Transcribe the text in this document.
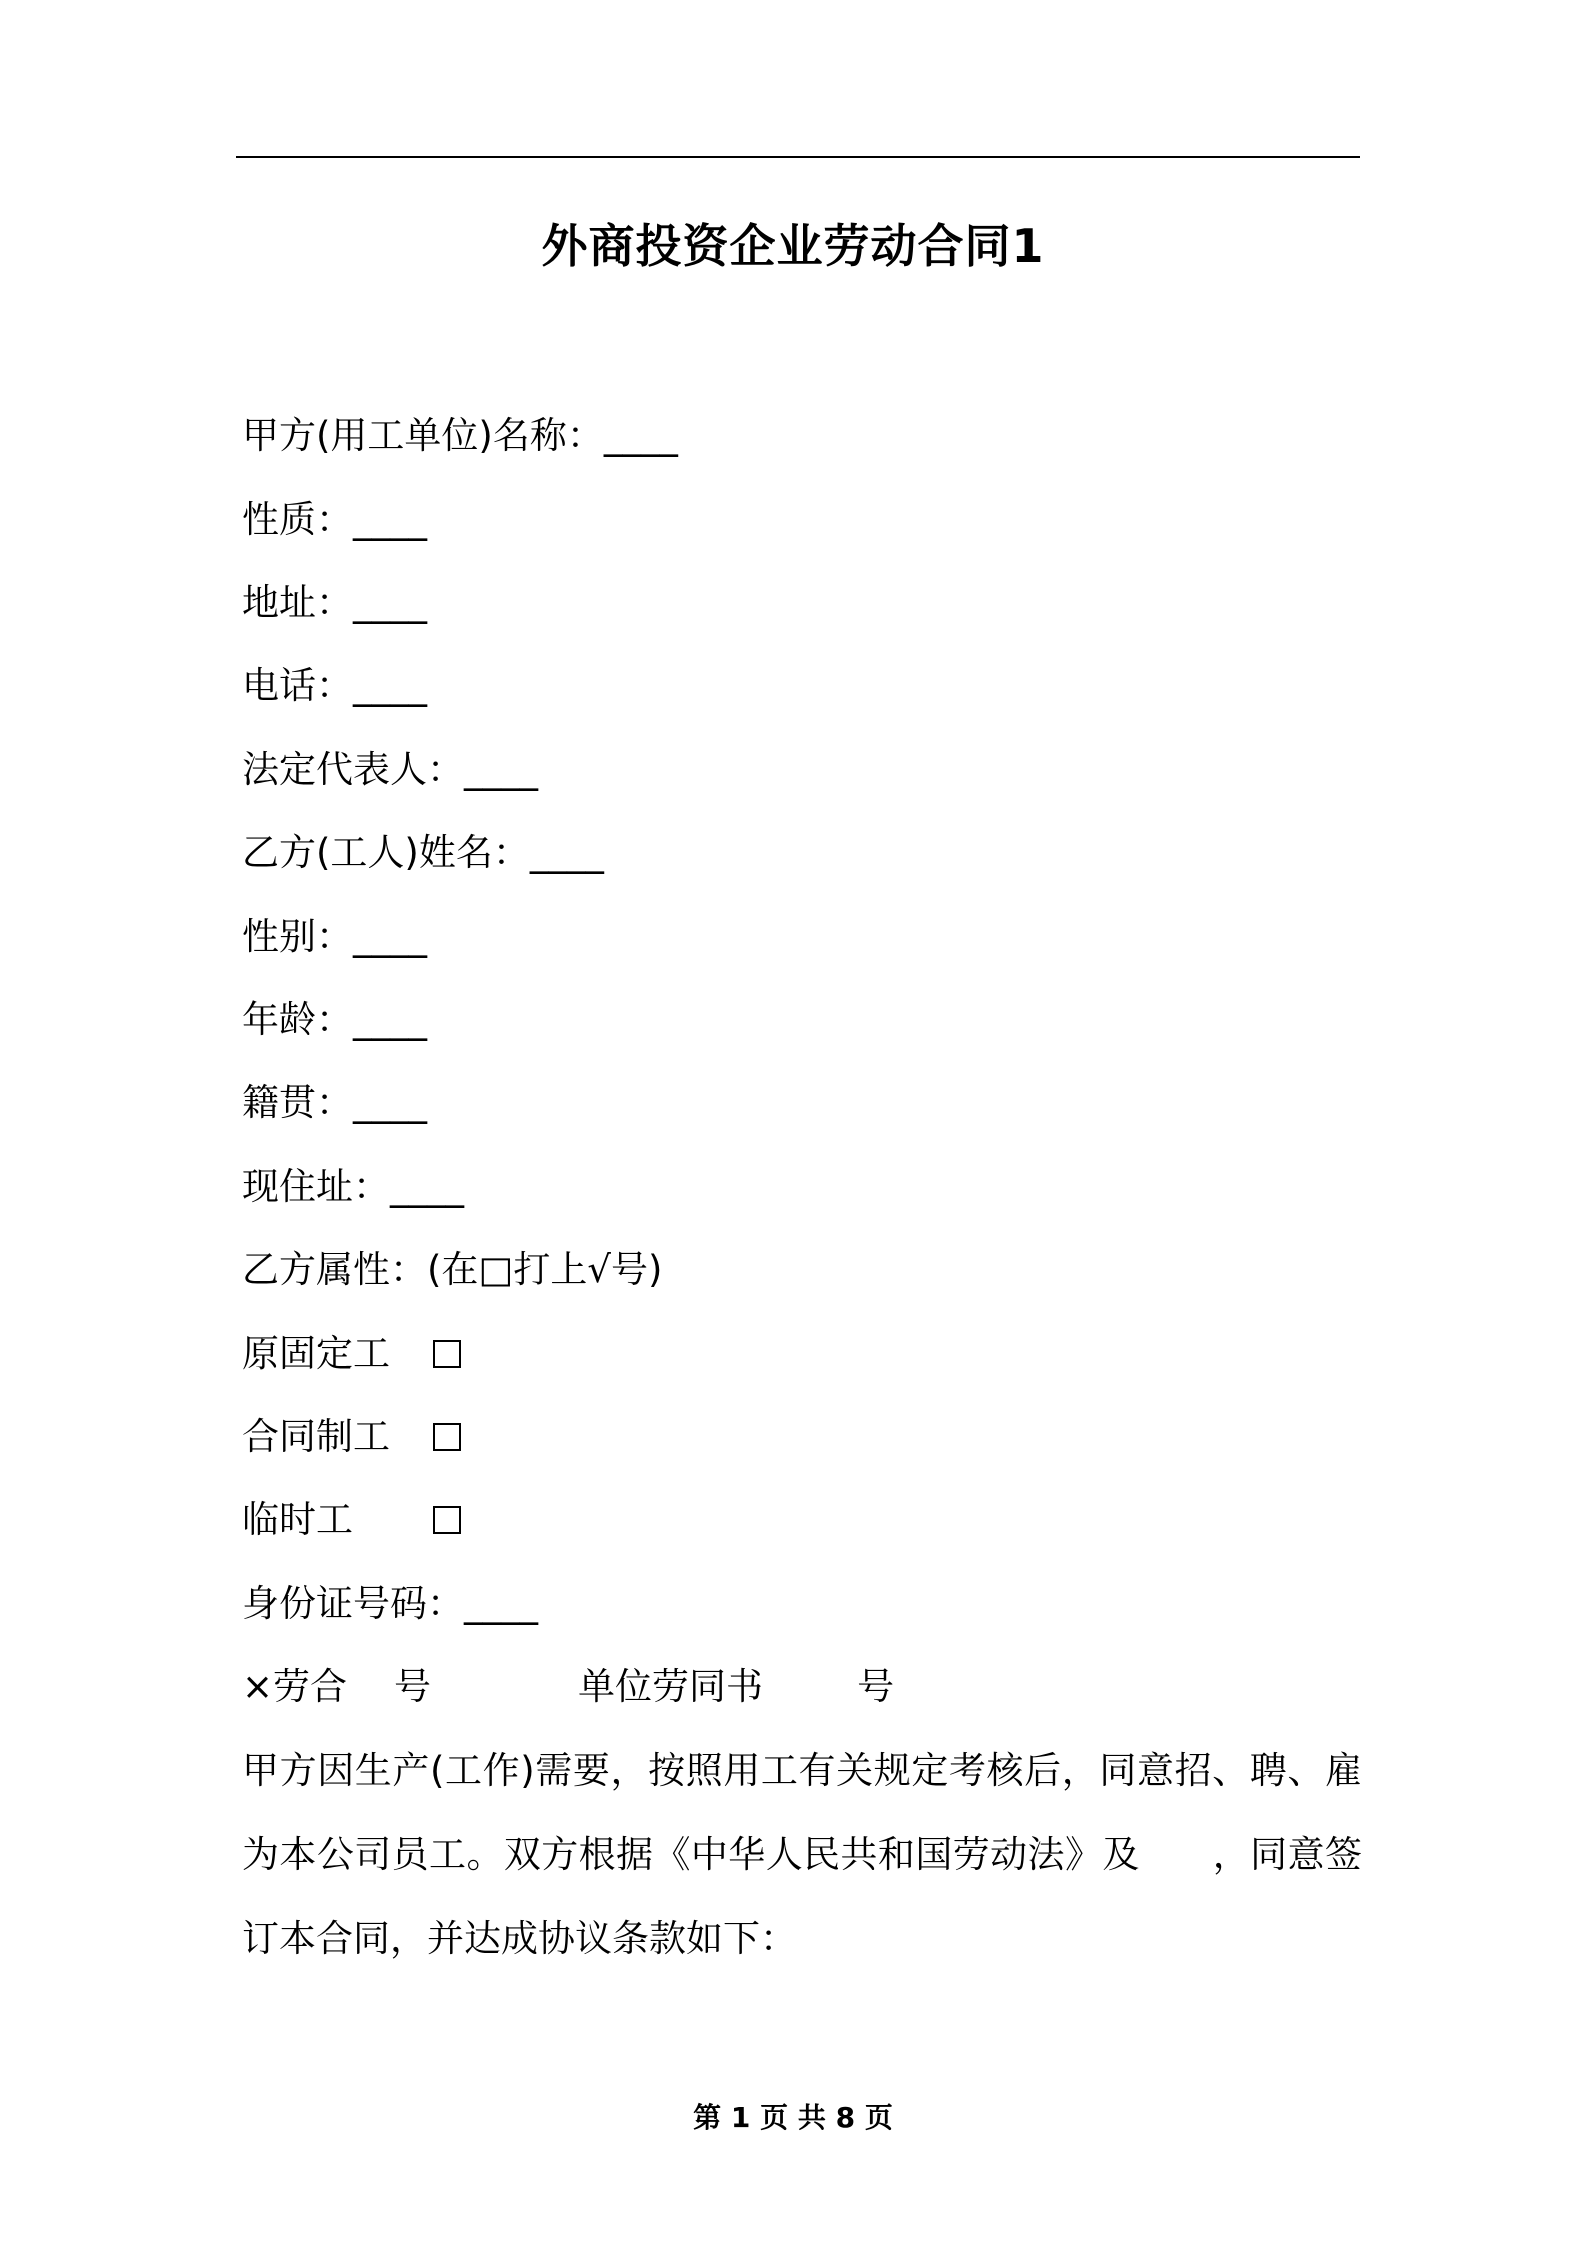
外商投资企业劳动合同1
甲方(用工单位)名称：____
性质：____
地址：____
电话：____
法定代表人：____
乙方(工人)姓名：____
性别：____
年龄：____
籍贯：____
现住址：____
乙方属性：(在□打上√号)
原固定工
合同制工
临时工
身份证号码：____
×劳合    号	单位劳同书        号
甲方因生产(工作)需要，按照用工有关规定考核后，同意招、聘、雇
为本公司员工。双方根据《中华人民共和国劳动法》及      ，同意签
订本合同，并达成协议条款如下：
第 1 页 共 8 页
